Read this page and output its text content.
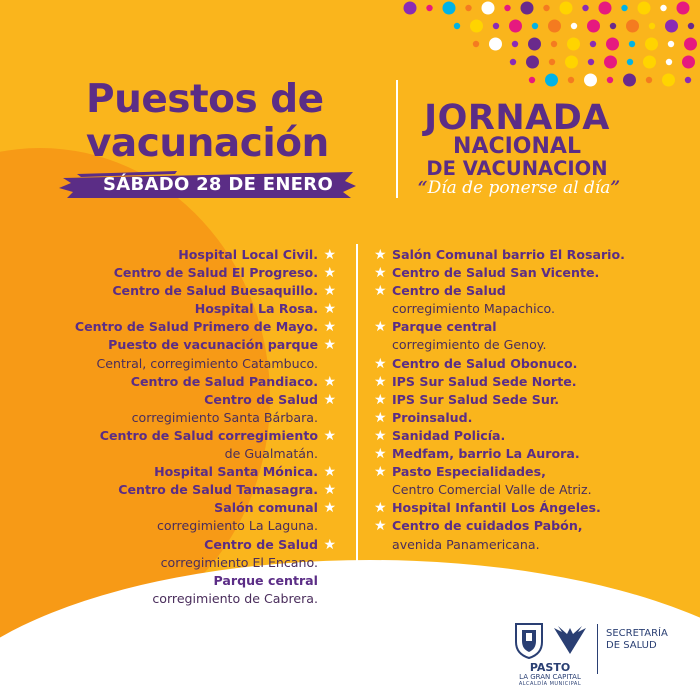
Puestos de
vacunación
SÁBADO 28 DE ENERO
JORNADA
NACIONAL
DE VACUNACION
“Día de ponerse al día”
★
Hospital Local Civil.
★
Centro de Salud El Progreso.
★
Centro de Salud Buesaquillo.
★
Hospital La Rosa.
★
Centro de Salud Primero de Mayo.
★
Puesto de vacunación parque
Central, corregimiento Catambuco.
★
Centro de Salud Pandiaco.
★
Centro de Salud
corregimiento Santa Bárbara.
★
Centro de Salud corregimiento
de Gualmatán.
★
Hospital Santa Mónica.
★
Centro de Salud Tamasagra.
★
Salón comunal
corregimiento La Laguna.
★
Centro de Salud
corregimiento El Encano.
★
Parque central
corregimiento de Cabrera.
★ Salón Comunal barrio El Rosario.
★ Centro de Salud San Vicente.
★ Centro de Salud
corregimiento Mapachico.
★ Parque central
corregimiento de Genoy.
★ Centro de Salud Obonuco.
★ IPS Sur Salud Sede Norte.
★ IPS Sur Salud Sede Sur.
★ Proinsalud.
★ Sanidad Policía.
★ Medfam, barrio La Aurora.
★ Pasto Especialidades,
Centro Comercial Valle de Atriz.
★ Hospital Infantil Los Ángeles.
★ Centro de cuidados Pabón,
avenida Panamericana.
PASTO
LA GRAN CAPITAL
ALCALDÍA MUNICIPAL
SECRETARÍA
DE SALUD
